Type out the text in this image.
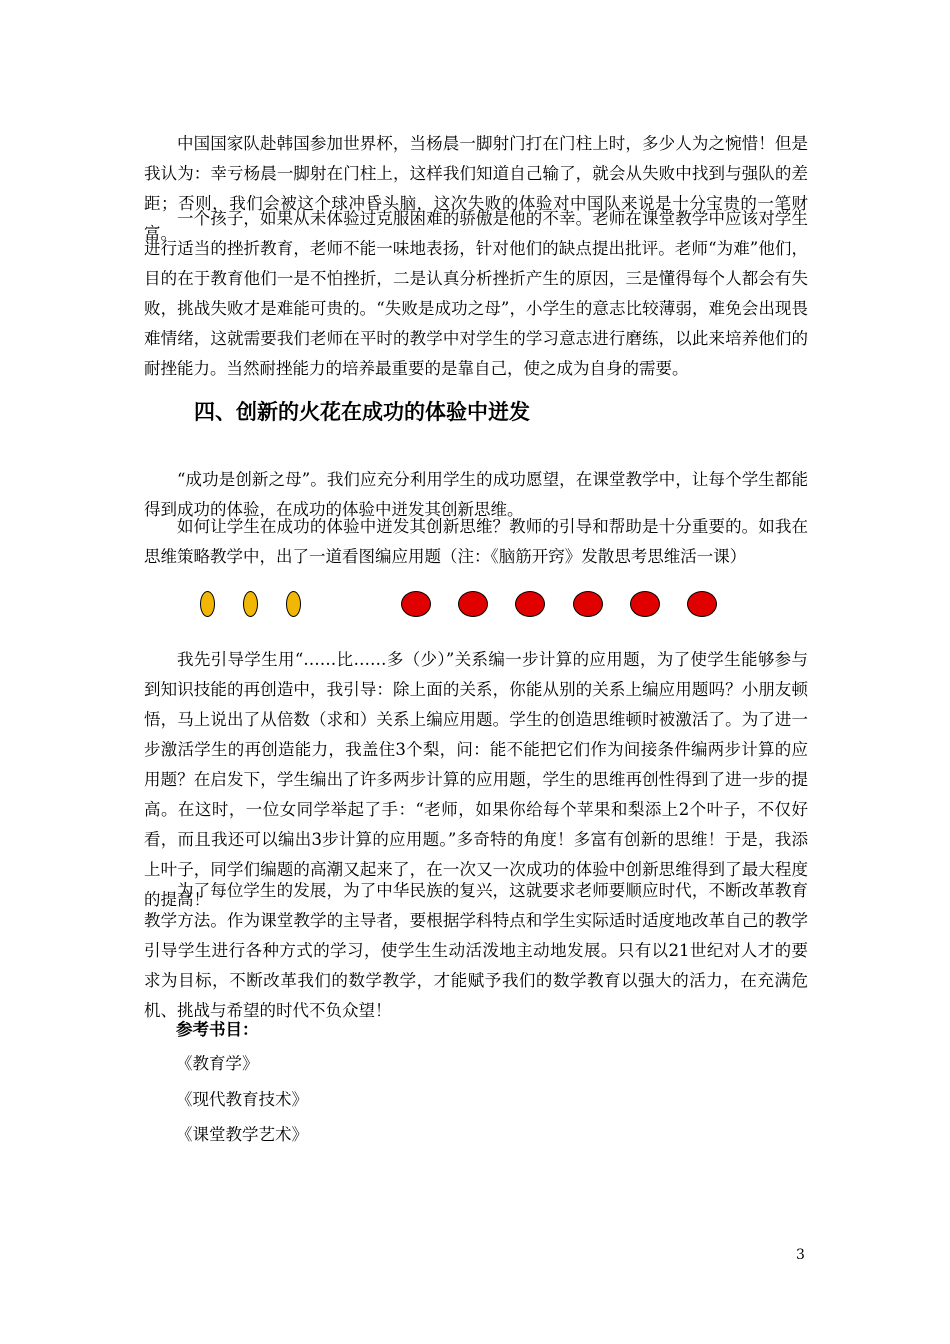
中国国家队赴韩国参加世界杯，当杨晨一脚射门打在门柱上时，多少人为之惋惜！但是我认为：幸亏杨晨一脚射在门柱上，这样我们知道自己输了，就会从失败中找到与强队的差距；否则，我们会被这个球冲昏头脑，这次失败的体验对中国队来说是十分宝贵的一笔财富。

一个孩子，如果从未体验过克服困难的骄傲是他的不幸。老师在课堂教学中应该对学生进行适当的挫折教育，老师不能一味地表扬，针对他们的缺点提出批评。老师“为难”他们，目的在于教育他们一是不怕挫折，二是认真分析挫折产生的原因，三是懂得每个人都会有失败，挑战失败才是难能可贵的。“失败是成功之母”，小学生的意志比较薄弱，难免会出现畏难情绪，这就需要我们老师在平时的教学中对学生的学习意志进行磨练，以此来培养他们的耐挫能力。当然耐挫能力的培养最重要的是靠自己，使之成为自身的需要。

四、创新的火花在成功的体验中迸发

“成功是创新之母”。我们应充分利用学生的成功愿望，在课堂教学中，让每个学生都能得到成功的体验，在成功的体验中迸发其创新思维。

如何让学生在成功的体验中迸发其创新思维？教师的引导和帮助是十分重要的。如我在思维策略教学中，出了一道看图编应用题（注：《脑筋开窍》发散思考思维活一课）

我先引导学生用“……比……多（少）”关系编一步计算的应用题，为了使学生能够参与到知识技能的再创造中，我引导：除上面的关系，你能从别的关系上编应用题吗？小朋友顿悟，马上说出了从倍数（求和）关系上编应用题。学生的创造思维顿时被激活了。为了进一步激活学生的再创造能力，我盖住3个梨，问：能不能把它们作为间接条件编两步计算的应用题？在启发下，学生编出了许多两步计算的应用题，学生的思维再创性得到了进一步的提高。在这时，一位女同学举起了手：“老师，如果你给每个苹果和梨添上2个叶子，不仅好看，而且我还可以编出3步计算的应用题。”多奇特的角度！多富有创新的思维！于是，我添上叶子，同学们编题的高潮又起来了，在一次又一次成功的体验中创新思维得到了最大程度的提高！

为了每位学生的发展，为了中华民族的复兴，这就要求老师要顺应时代，不断改革教育教学方法。作为课堂教学的主导者，要根据学科特点和学生实际适时适度地改革自己的教学引导学生进行各种方式的学习，使学生生动活泼地主动地发展。只有以21世纪对人才的要求为目标，不断改革我们的数学教学，才能赋予我们的数学教育以强大的活力，在充满危机、挑战与希望的时代不负众望！

参考书目：
《教育学》
《现代教育技术》
《课堂教学艺术》
3
